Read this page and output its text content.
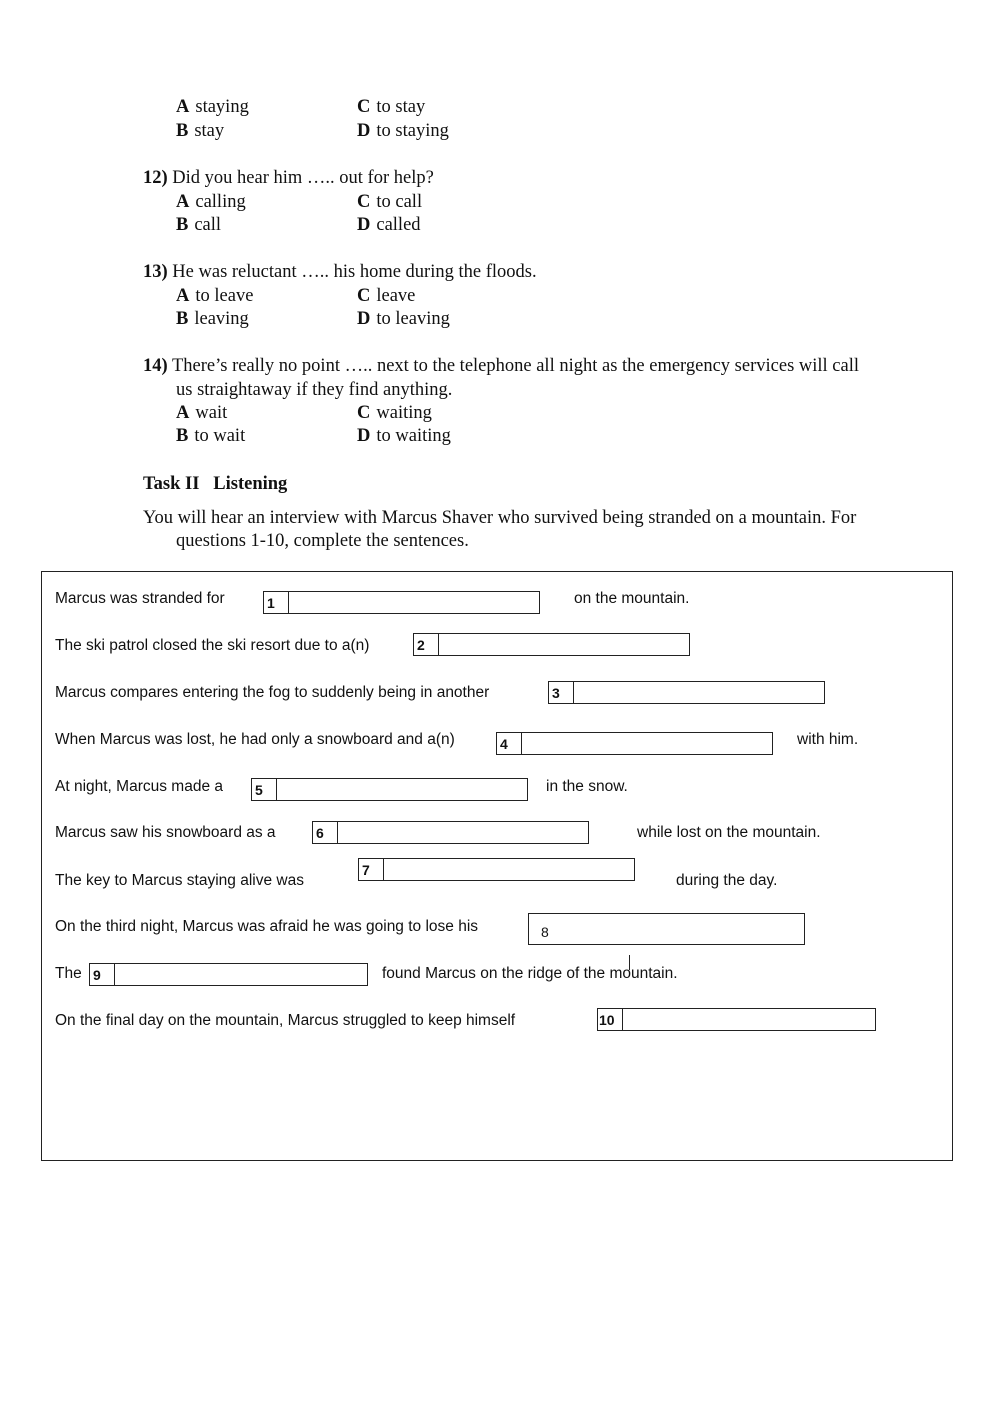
A staying	C to stay
B stay	D to staying
12) Did you hear him ….. out for help?
A calling	C to call
B call	D called
13) He was reluctant ….. his home during the floods.
A to leave	C leave
B leaving	D to leaving
14) There’s really no point ….. next to the telephone all night as the emergency services will call
us straightaway if they find anything.
A wait	C waiting
B to wait	D to waiting
Task II   Listening
You will hear an interview with Marcus Shaver who survived being stranded on a mountain. For
questions 1-10, complete the sentences.
Marcus was stranded for	1	on the mountain.
The ski patrol closed the ski resort due to a(n)	2
Marcus compares entering the fog to suddenly being in another	3
When Marcus was lost, he had only a snowboard and a(n)	4	with him.
At night, Marcus made a 5	in the snow.
Marcus saw his snowboard as a	6	while lost on the mountain.
The key to Marcus staying alive was
7
during the day.
On the third night, Marcus was afraid he was going to lose his	8
The 9	found Marcus on the ridge of the mountain.
On the final day on the mountain, Marcus struggled to keep himself	10
